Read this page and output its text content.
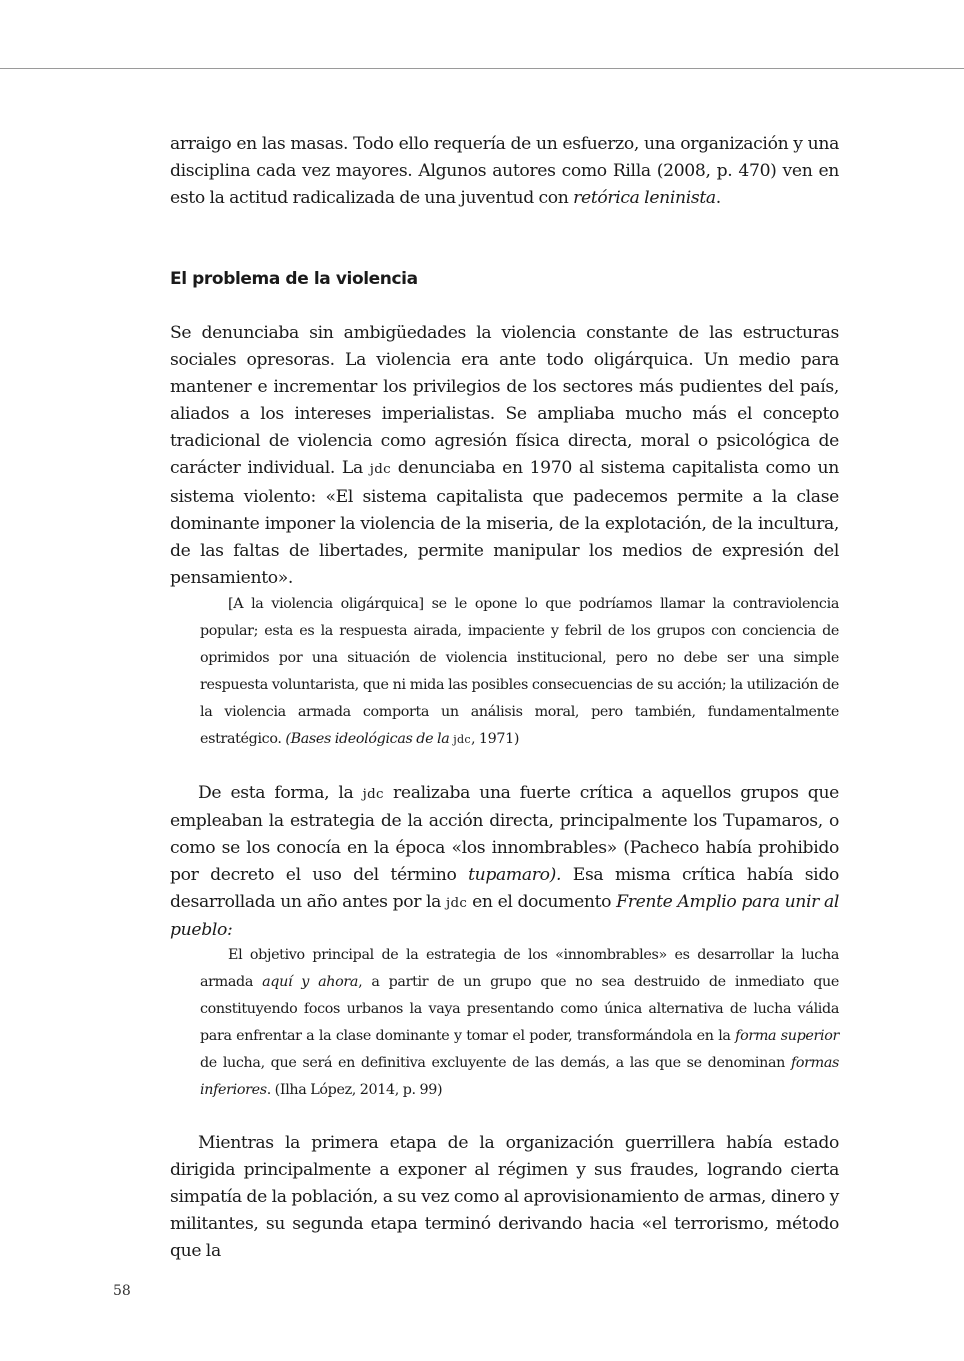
arraigo en las masas. Todo ello requería de un esfuerzo, una organización y una disciplina cada vez mayores. Algunos autores como Rilla (2008, p. 470) ven en esto la actitud radicalizada de una juventud con retórica leninista.

El problema de la violencia

Se denunciaba sin ambigüedades la violencia constante de las estructuras sociales opresoras. La violencia era ante todo oligárquica. Un medio para mantener e incrementar los privilegios de los sectores más pudientes del país, aliados a los intereses imperialistas. Se ampliaba mucho más el concepto tradicional de violencia como agresión física directa, moral o psicológica de carácter individual. La jdc denunciaba en 1970 al sistema capitalista como un sistema violento: «El sistema capitalista que padecemos permite a la clase dominante imponer la violencia de la miseria, de la explotación, de la incultura, de las faltas de libertades, permite manipular los medios de expresión del pensamiento».

[A la violencia oligárquica] se le opone lo que podríamos llamar la contraviolencia popular; esta es la respuesta airada, impaciente y febril de los grupos con conciencia de oprimidos por una situación de violencia institucional, pero no debe ser una simple respuesta voluntarista, que ni mida las posibles consecuencias de su acción; la utilización de la violencia armada comporta un análisis moral, pero también, fundamentalmente estratégico. (Bases ideológicas de la jdc, 1971)

De esta forma, la jdc realizaba una fuerte crítica a aquellos grupos que empleaban la estrategia de la acción directa, principalmente los Tupamaros, o como se los conocía en la época «los innombrables» (Pacheco había prohibido por decreto el uso del término tupamaro). Esa misma crítica había sido desarrollada un año antes por la jdc en el documento Frente Amplio para unir al pueblo:

El objetivo principal de la estrategia de los «innombrables» es desarrollar la lucha armada aquí y ahora, a partir de un grupo que no sea destruido de inmediato que constituyendo focos urbanos la vaya presentando como única alternativa de lucha válida para enfrentar a la clase dominante y tomar el poder, transformándola en la forma superior de lucha, que será en definitiva excluyente de las demás, a las que se denominan formas inferiores. (Ilha López, 2014, p. 99)

Mientras la primera etapa de la organización guerrillera había estado dirigida principalmente a exponer al régimen y sus fraudes, logrando cierta simpatía de la población, a su vez como al aprovisionamiento de armas, dinero y militantes, su segunda etapa terminó derivando hacia «el terrorismo, método que la

58
